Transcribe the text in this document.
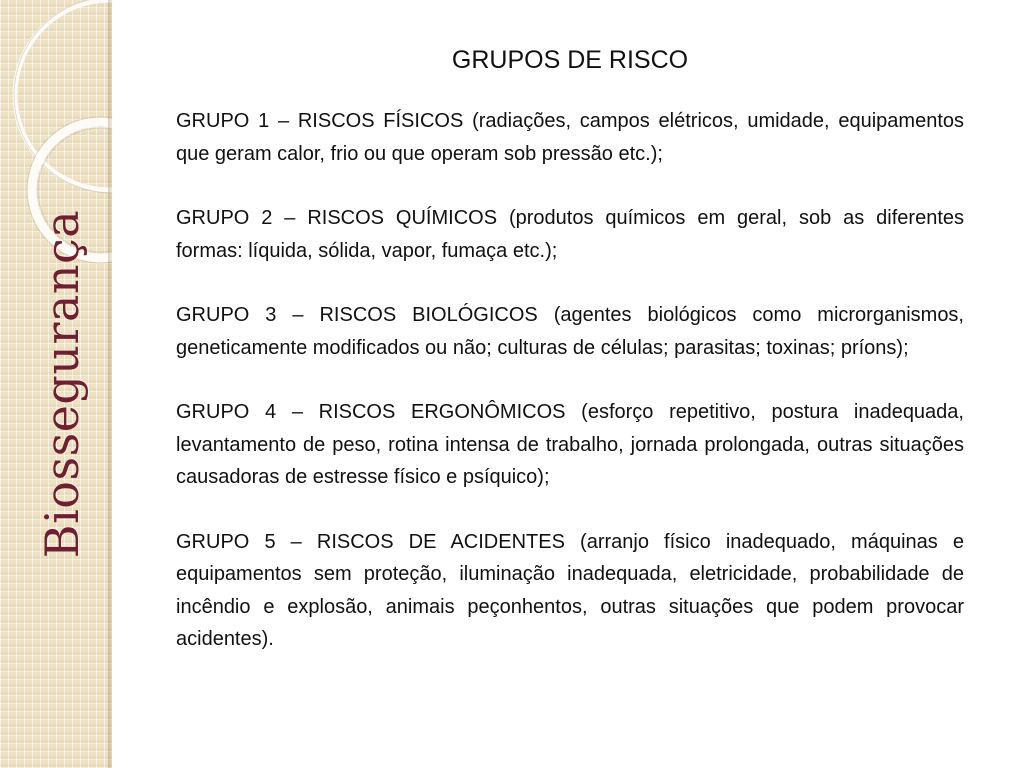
Biossegurança
GRUPOS DE RISCO

GRUPO 1 – RISCOS FÍSICOS (radiações, campos elétricos, umidade, equipamentos que geram calor, frio ou que operam sob pressão etc.);

GRUPO 2 – RISCOS QUÍMICOS (produtos químicos em geral, sob as diferentes formas: líquida, sólida, vapor, fumaça etc.);

GRUPO 3 – RISCOS BIOLÓGICOS (agentes biológicos como microrganismos, geneticamente modificados ou não; culturas de células; parasitas; toxinas; príons);

GRUPO 4 – RISCOS ERGONÔMICOS (esforço repetitivo, postura inadequada, levantamento de peso, rotina intensa de trabalho, jornada prolongada, outras situações causadoras de estresse físico e psíquico);

GRUPO 5 – RISCOS DE ACIDENTES (arranjo físico inadequado, máquinas e equipamentos sem proteção, iluminação inadequada, eletricidade, probabilidade de incêndio e explosão, animais peçonhentos, outras situações que podem provocar acidentes).
